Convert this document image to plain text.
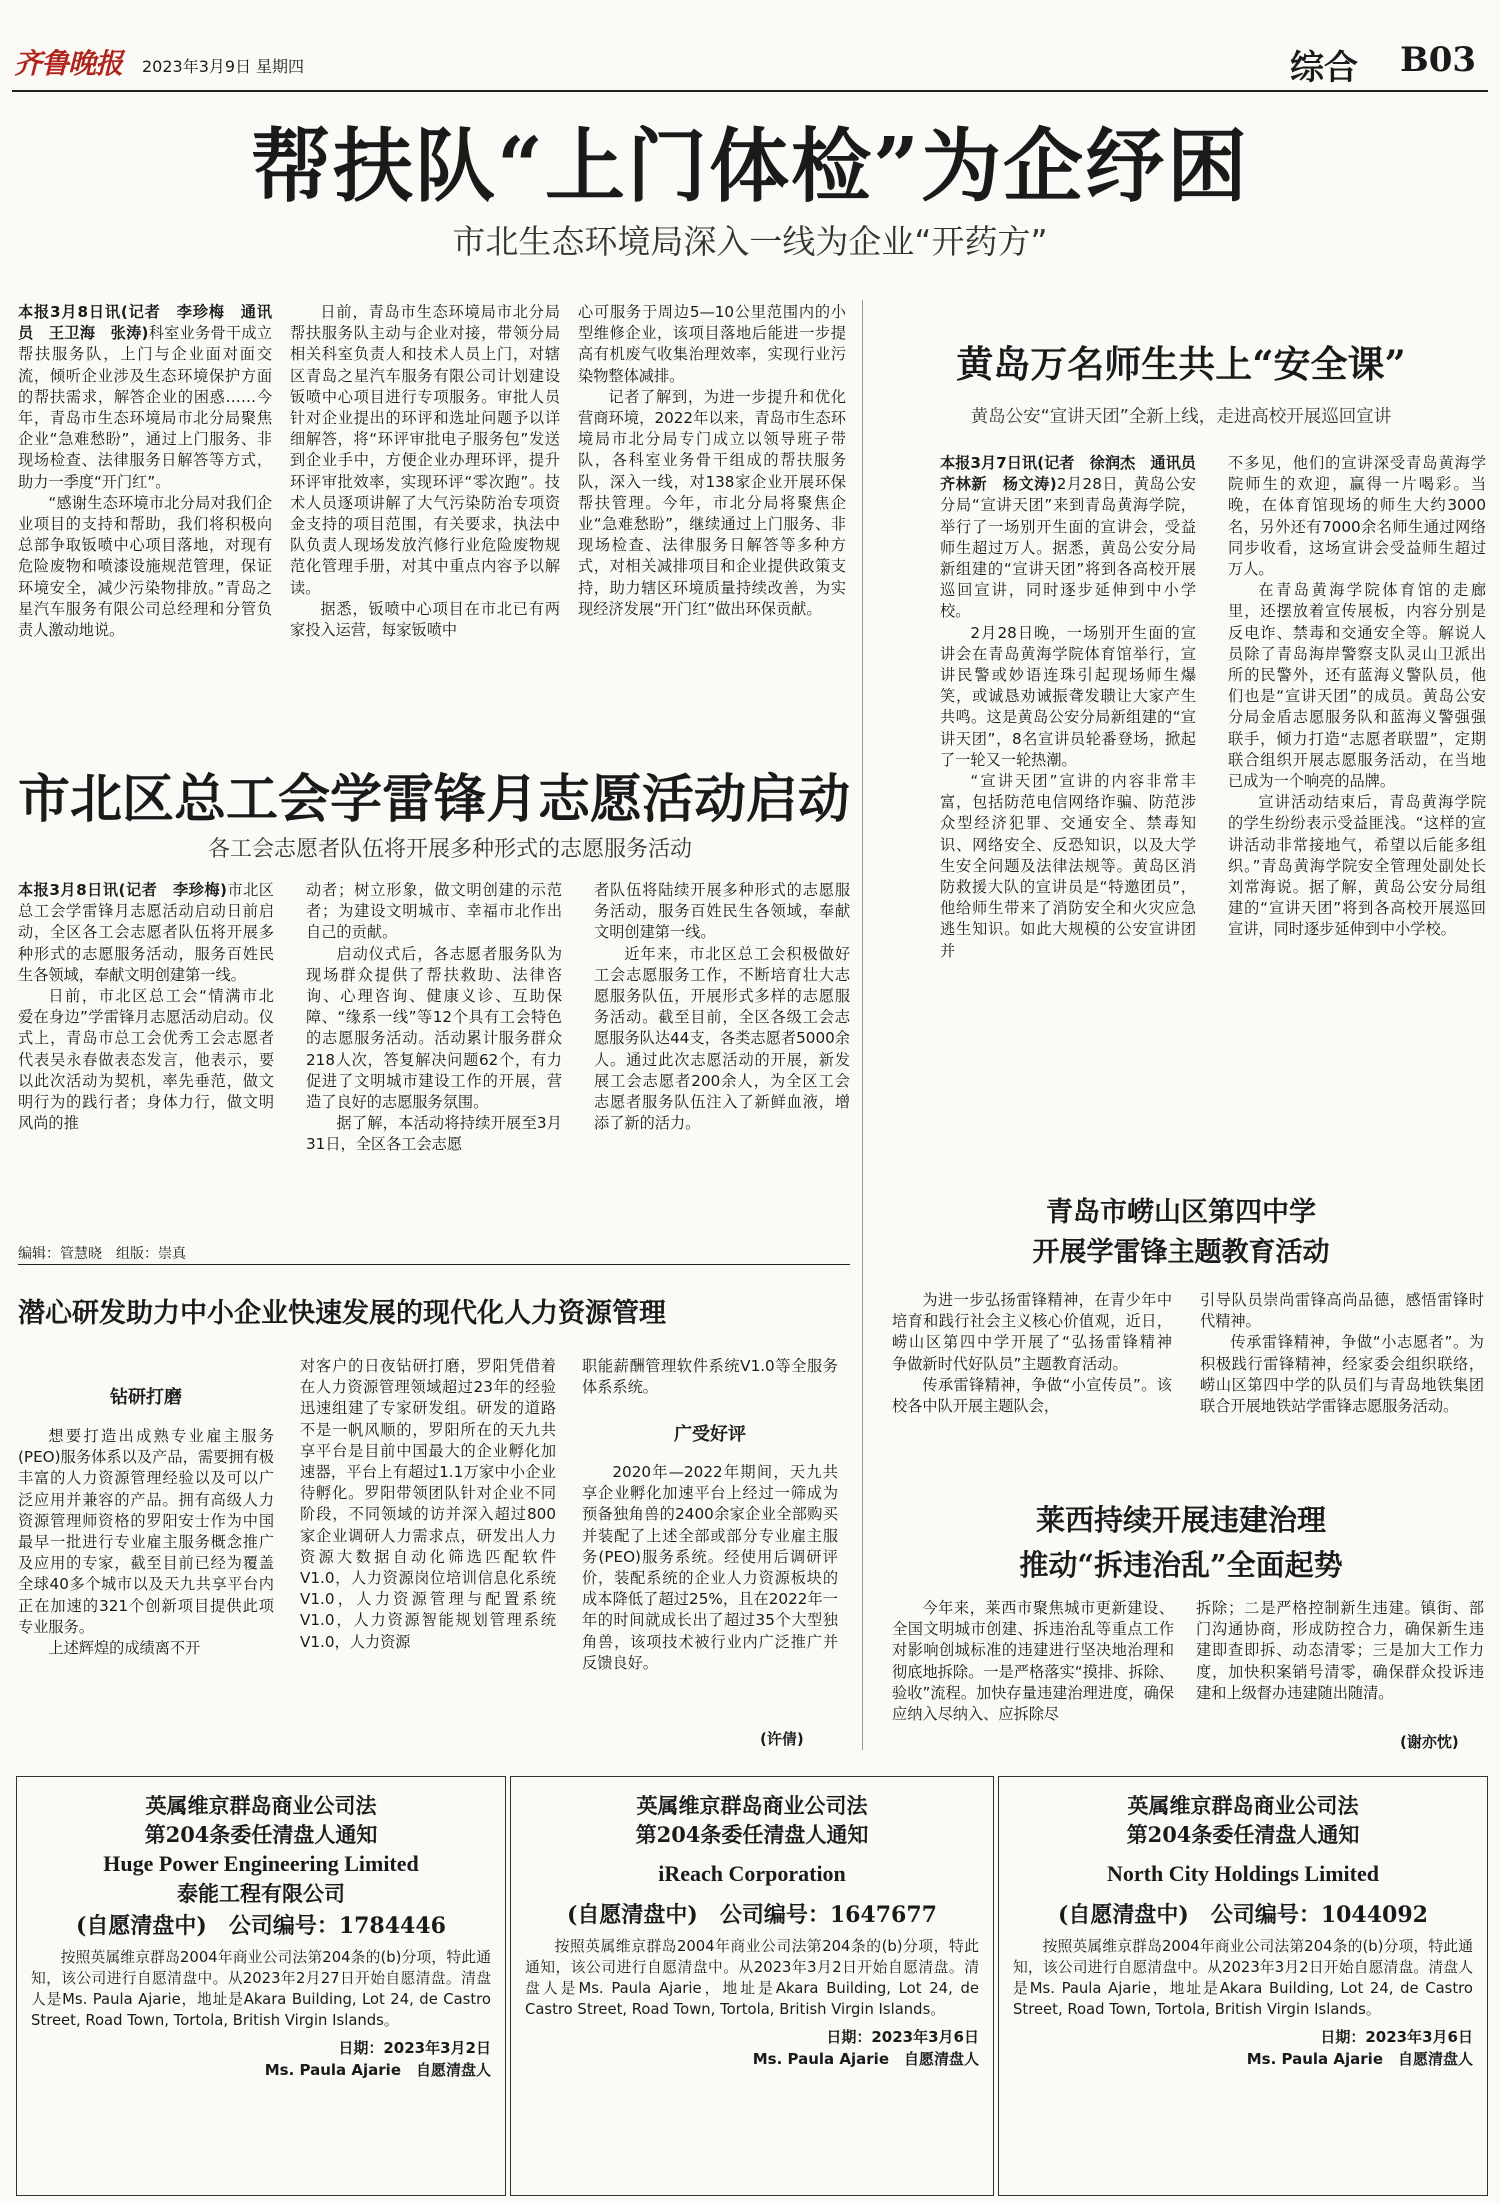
齐鲁晚报 2023年3月9日 星期四	综合 B03
帮扶队“上门体检”为企纾困
市北生态环境局深入一线为企业“开药方”

本报3月8日讯(记者　李珍梅　通讯员　王卫海　张涛)科室业务骨干成立帮扶服务队，上门与企业面对面交流，倾听企业涉及生态环境保护方面的帮扶需求，解答企业的困惑……今年，青岛市生态环境局市北分局聚焦企业“急难愁盼”，通过上门服务、非现场检查、法律服务日解答等方式，助力一季度“开门红”。

“感谢生态环境市北分局对我们企业项目的支持和帮助，我们将积极向总部争取钣喷中心项目落地，对现有危险废物和喷漆设施规范管理，保证环境安全，减少污染物排放。”青岛之星汽车服务有限公司总经理和分管负责人激动地说。

日前，青岛市生态环境局市北分局帮扶服务队主动与企业对接，带领分局相关科室负责人和技术人员上门，对辖区青岛之星汽车服务有限公司计划建设钣喷中心项目进行专项服务。审批人员针对企业提出的环评和选址问题予以详细解答，将“环评审批电子服务包”发送到企业手中，方便企业办理环评，提升环评审批效率，实现环评“零次跑”。技术人员逐项讲解了大气污染防治专项资金支持的项目范围，有关要求，执法中队负责人现场发放汽修行业危险废物规范化管理手册，对其中重点内容予以解读。

据悉，钣喷中心项目在市北已有两家投入运营，每家钣喷中

心可服务于周边5—10公里范围内的小型维修企业，该项目落地后能进一步提高有机废气收集治理效率，实现行业污染物整体减排。

记者了解到，为进一步提升和优化营商环境，2022年以来，青岛市生态环境局市北分局专门成立以领导班子带队，各科室业务骨干组成的帮扶服务队，深入一线，对138家企业开展环保帮扶管理。今年，市北分局将聚焦企业“急难愁盼”，继续通过上门服务、非现场检查、法律服务日解答等多种方式，对相关减排项目和企业提供政策支持，助力辖区环境质量持续改善，为实现经济发展“开门红”做出环保贡献。

市北区总工会学雷锋月志愿活动启动
各工会志愿者队伍将开展多种形式的志愿服务活动

本报3月8日讯(记者　李珍梅)市北区总工会学雷锋月志愿活动启动日前启动，全区各工会志愿者队伍将开展多种形式的志愿服务活动，服务百姓民生各领域，奉献文明创建第一线。

日前，市北区总工会“情满市北　爱在身边”学雷锋月志愿活动启动。仪式上，青岛市总工会优秀工会志愿者代表吴永春做表态发言，他表示，要以此次活动为契机，率先垂范，做文明行为的践行者；身体力行，做文明风尚的推

动者；树立形象，做文明创建的示范者；为建设文明城市、幸福市北作出自己的贡献。

启动仪式后，各志愿者服务队为现场群众提供了帮扶救助、法律咨询、心理咨询、健康义诊、互助保障、“缘系一线”等12个具有工会特色的志愿服务活动。活动累计服务群众218人次，答复解决问题62个，有力促进了文明城市建设工作的开展，营造了良好的志愿服务氛围。

据了解，本活动将持续开展至3月31日，全区各工会志愿

者队伍将陆续开展多种形式的志愿服务活动，服务百姓民生各领域，奉献文明创建第一线。

近年来，市北区总工会积极做好工会志愿服务工作，不断培育壮大志愿服务队伍，开展形式多样的志愿服务活动。截至目前，全区各级工会志愿服务队达44支，各类志愿者5000余人。通过此次志愿活动的开展，新发展工会志愿者200余人，为全区工会志愿者服务队伍注入了新鲜血液，增添了新的活力。

编辑：管慧晓　组版：崇真
潜心研发助力中小企业快速发展的现代化人力资源管理
钻研打磨

想要打造出成熟专业雇主服务(PEO)服务体系以及产品，需要拥有极丰富的人力资源管理经验以及可以广泛应用并兼容的产品。拥有高级人力资源管理师资格的罗阳安士作为中国最早一批进行专业雇主服务概念推广及应用的专家，截至目前已经为覆盖全球40多个城市以及天九共享平台内正在加速的321个创新项目提供此项专业服务。

上述辉煌的成绩离不开

对客户的日夜钻研打磨，罗阳凭借着在人力资源管理领域超过23年的经验迅速组建了专家研发组。研发的道路不是一帆风顺的，罗阳所在的天九共享平台是目前中国最大的企业孵化加速器，平台上有超过1.1万家中小企业待孵化。罗阳带领团队针对企业不同阶段，不同领域的访并深入超过800家企业调研人力需求点，研发出人力资源大数据自动化筛选匹配软件V1.0，人力资源岗位培训信息化系统V1.0，人力资源管理与配置系统V1.0，人力资源智能规划管理系统V1.0，人力资源

职能薪酬管理软件系统V1.0等全服务体系系统。

广受好评

2020年—2022年期间，天九共享企业孵化加速平台上经过一筛成为预备独角兽的2400余家企业全部购买并装配了上述全部或部分专业雇主服务(PEO)服务系统。经使用后调研评价，装配系统的企业人力资源板块的成本降低了超过25%，且在2022年一年的时间就成长出了超过35个大型独角兽，该项技术被行业内广泛推广并反馈良好。

(许倩)
黄岛万名师生共上“安全课”
黄岛公安“宣讲天团”全新上线，走进高校开展巡回宣讲

本报3月7日讯(记者　徐润杰　通讯员　齐林新　杨文涛)2月28日，黄岛公安分局“宣讲天团”来到青岛黄海学院，举行了一场别开生面的宣讲会，受益师生超过万人。据悉，黄岛公安分局新组建的“宣讲天团”将到各高校开展巡回宣讲，同时逐步延伸到中小学校。

2月28日晚，一场别开生面的宣讲会在青岛黄海学院体育馆举行，宣讲民警或妙语连珠引起现场师生爆笑，或诚恳劝诫振聋发聩让大家产生共鸣。这是黄岛公安分局新组建的“宣讲天团”，8名宣讲员轮番登场，掀起了一轮又一轮热潮。

“宣讲天团”宣讲的内容非常丰富，包括防范电信网络诈骗、防范涉众型经济犯罪、交通安全、禁毒知识、网络安全、反恐知识，以及大学生安全问题及法律法规等。黄岛区消防救援大队的宣讲员是“特邀团员”，他给师生带来了消防安全和火灾应急逃生知识。如此大规模的公安宣讲团并

不多见，他们的宣讲深受青岛黄海学院师生的欢迎，赢得一片喝彩。当晚，在体育馆现场的师生大约3000名，另外还有7000余名师生通过网络同步收看，这场宣讲会受益师生超过万人。

在青岛黄海学院体育馆的走廊里，还摆放着宣传展板，内容分别是反电诈、禁毒和交通安全等。解说人员除了青岛海岸警察支队灵山卫派出所的民警外，还有蓝海义警队员，他们也是“宣讲天团”的成员。黄岛公安分局金盾志愿服务队和蓝海义警强强联手，倾力打造“志愿者联盟”，定期联合组织开展志愿服务活动，在当地已成为一个响亮的品牌。

宣讲活动结束后，青岛黄海学院的学生纷纷表示受益匪浅。“这样的宣讲活动非常接地气，希望以后能多组织。”青岛黄海学院安全管理处副处长刘常海说。据了解，黄岛公安分局组建的“宣讲天团”将到各高校开展巡回宣讲，同时逐步延伸到中小学校。

青岛市崂山区第四中学
开展学雷锋主题教育活动

为进一步弘扬雷锋精神，在青少年中培育和践行社会主义核心价值观，近日，崂山区第四中学开展了“弘扬雷锋精神　争做新时代好队员”主题教育活动。

传承雷锋精神，争做“小宣传员”。该校各中队开展主题队会，

引导队员崇尚雷锋高尚品德，感悟雷锋时代精神。

传承雷锋精神，争做“小志愿者”。为积极践行雷锋精神，经家委会组织联络，崂山区第四中学的队员们与青岛地铁集团联合开展地铁站学雷锋志愿服务活动。

莱西持续开展违建治理
推动“拆违治乱”全面起势

今年来，莱西市聚焦城市更新建设、全国文明城市创建、拆违治乱等重点工作对影响创城标准的违建进行坚决地治理和彻底地拆除。一是严格落实“摸排、拆除、验收”流程。加快存量违建治理进度，确保应纳入尽纳入、应拆除尽

拆除；二是严格控制新生违建。镇街、部门沟通协商，形成防控合力，确保新生违建即查即拆、动态清零；三是加大工作力度，加快积案销号清零，确保群众投诉违建和上级督办违建随出随清。

(谢亦忱)
英属维京群岛商业公司法
第204条委任清盘人通知
Huge Power Engineering Limited
泰能工程有限公司
(自愿清盘中)　公司编号：1784446

按照英属维京群岛2004年商业公司法第204条的(b)分项，特此通知，该公司进行自愿清盘中。从2023年2月27日开始自愿清盘。清盘人是Ms. Paula Ajarie，地址是Akara Building, Lot 24, de Castro Street, Road Town, Tortola, British Virgin Islands。

日期：2023年3月2日
Ms. Paula Ajarie　自愿清盘人
英属维京群岛商业公司法
第204条委任清盘人通知
iReach Corporation
(自愿清盘中)　公司编号：1647677

按照英属维京群岛2004年商业公司法第204条的(b)分项，特此通知，该公司进行自愿清盘中。从2023年3月2日开始自愿清盘。清盘人是Ms. Paula Ajarie，地址是Akara Building, Lot 24, de Castro Street, Road Town, Tortola, British Virgin Islands。

日期：2023年3月6日
Ms. Paula Ajarie　自愿清盘人
英属维京群岛商业公司法
第204条委任清盘人通知
North City Holdings Limited
(自愿清盘中)　公司编号：1044092

按照英属维京群岛2004年商业公司法第204条的(b)分项，特此通知，该公司进行自愿清盘中。从2023年3月2日开始自愿清盘。清盘人是Ms. Paula Ajarie，地址是Akara Building, Lot 24, de Castro Street, Road Town, Tortola, British Virgin Islands。

日期：2023年3月6日
Ms. Paula Ajarie　自愿清盘人
